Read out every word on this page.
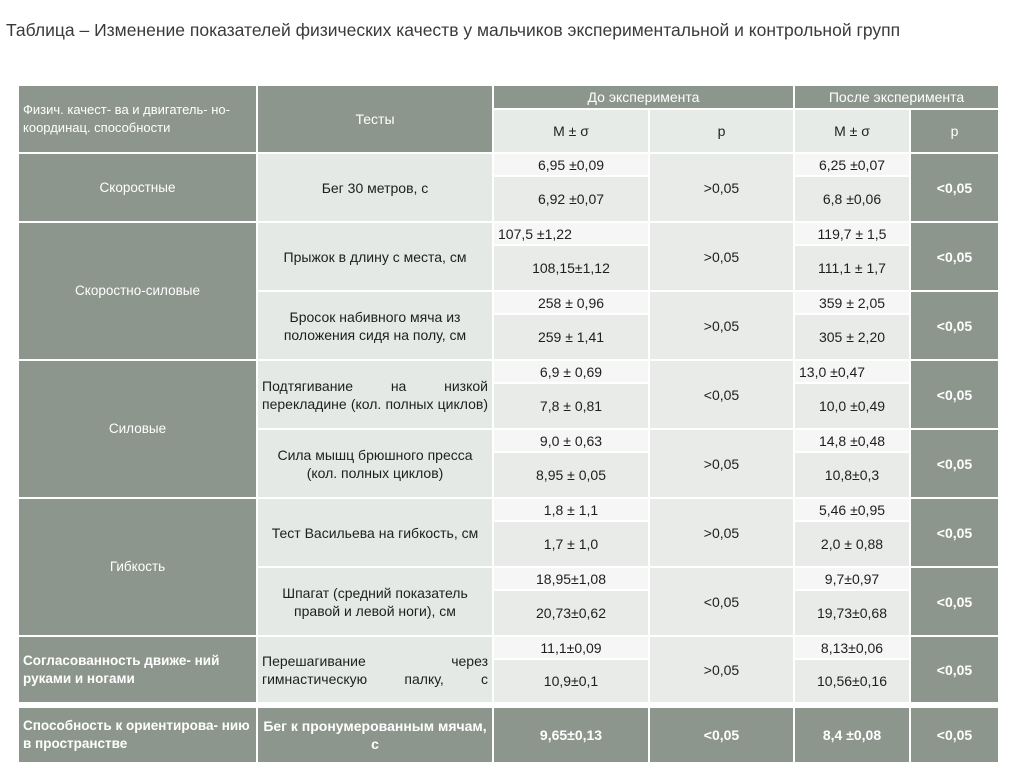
Таблица – Изменение показателей физических качеств у мальчиков экспериментальной и контрольной групп
Физич. качест- ва и двигатель- но-координац. способности	Тесты	До эксперимента		После эксперимента	
		М ± σ	р	М ± σ	р
Скоростные	Бег 30 метров, с	6,95 ±0,09	>0,05	6,25 ±0,07	<0,05
		6,92 ±0,07		6,8 ±0,06	
Скоростно-силовые	Прыжок в длину с места, см	107,5 ±1,22	>0,05	119,7 ± 1,5	<0,05
		108,15±1,12		111,1 ± 1,7	
	Бросок набивного мяча из положения сидя на полу, см	258 ± 0,96	>0,05	359 ± 2,05	<0,05
		259 ± 1,41		305 ± 2,20	
Силовые	Подтягивание на низкой перекладине (кол. полных циклов)	6,9 ± 0,69	<0,05	13,0 ±0,47	<0,05
		7,8 ± 0,81		10,0 ±0,49	
	Сила мышц брюшного пресса (кол. полных циклов)	9,0 ± 0,63	>0,05	14,8 ±0,48	<0,05
		8,95 ± 0,05		10,8±0,3	
Гибкость	Тест Васильева на гибкость, см	1,8 ± 1,1	>0,05	5,46 ±0,95	<0,05
		1,7 ± 1,0		2,0 ± 0,88	
	Шпагат (средний показатель правой и левой ноги), см	18,95±1,08	<0,05	9,7±0,97	<0,05
		20,73±0,62		19,73±0,68	
Согласованность движе- ний руками и ногами	Перешагивание через гимнастическую палку, с	11,1±0,09	>0,05	8,13±0,06	<0,05
		10,9±0,1		10,56±0,16	
Способность к ориентирова- нию в пространстве	Бег к пронумерованным мячам, с	9,65±0,13	<0,05	8,4 ±0,08	<0,05
